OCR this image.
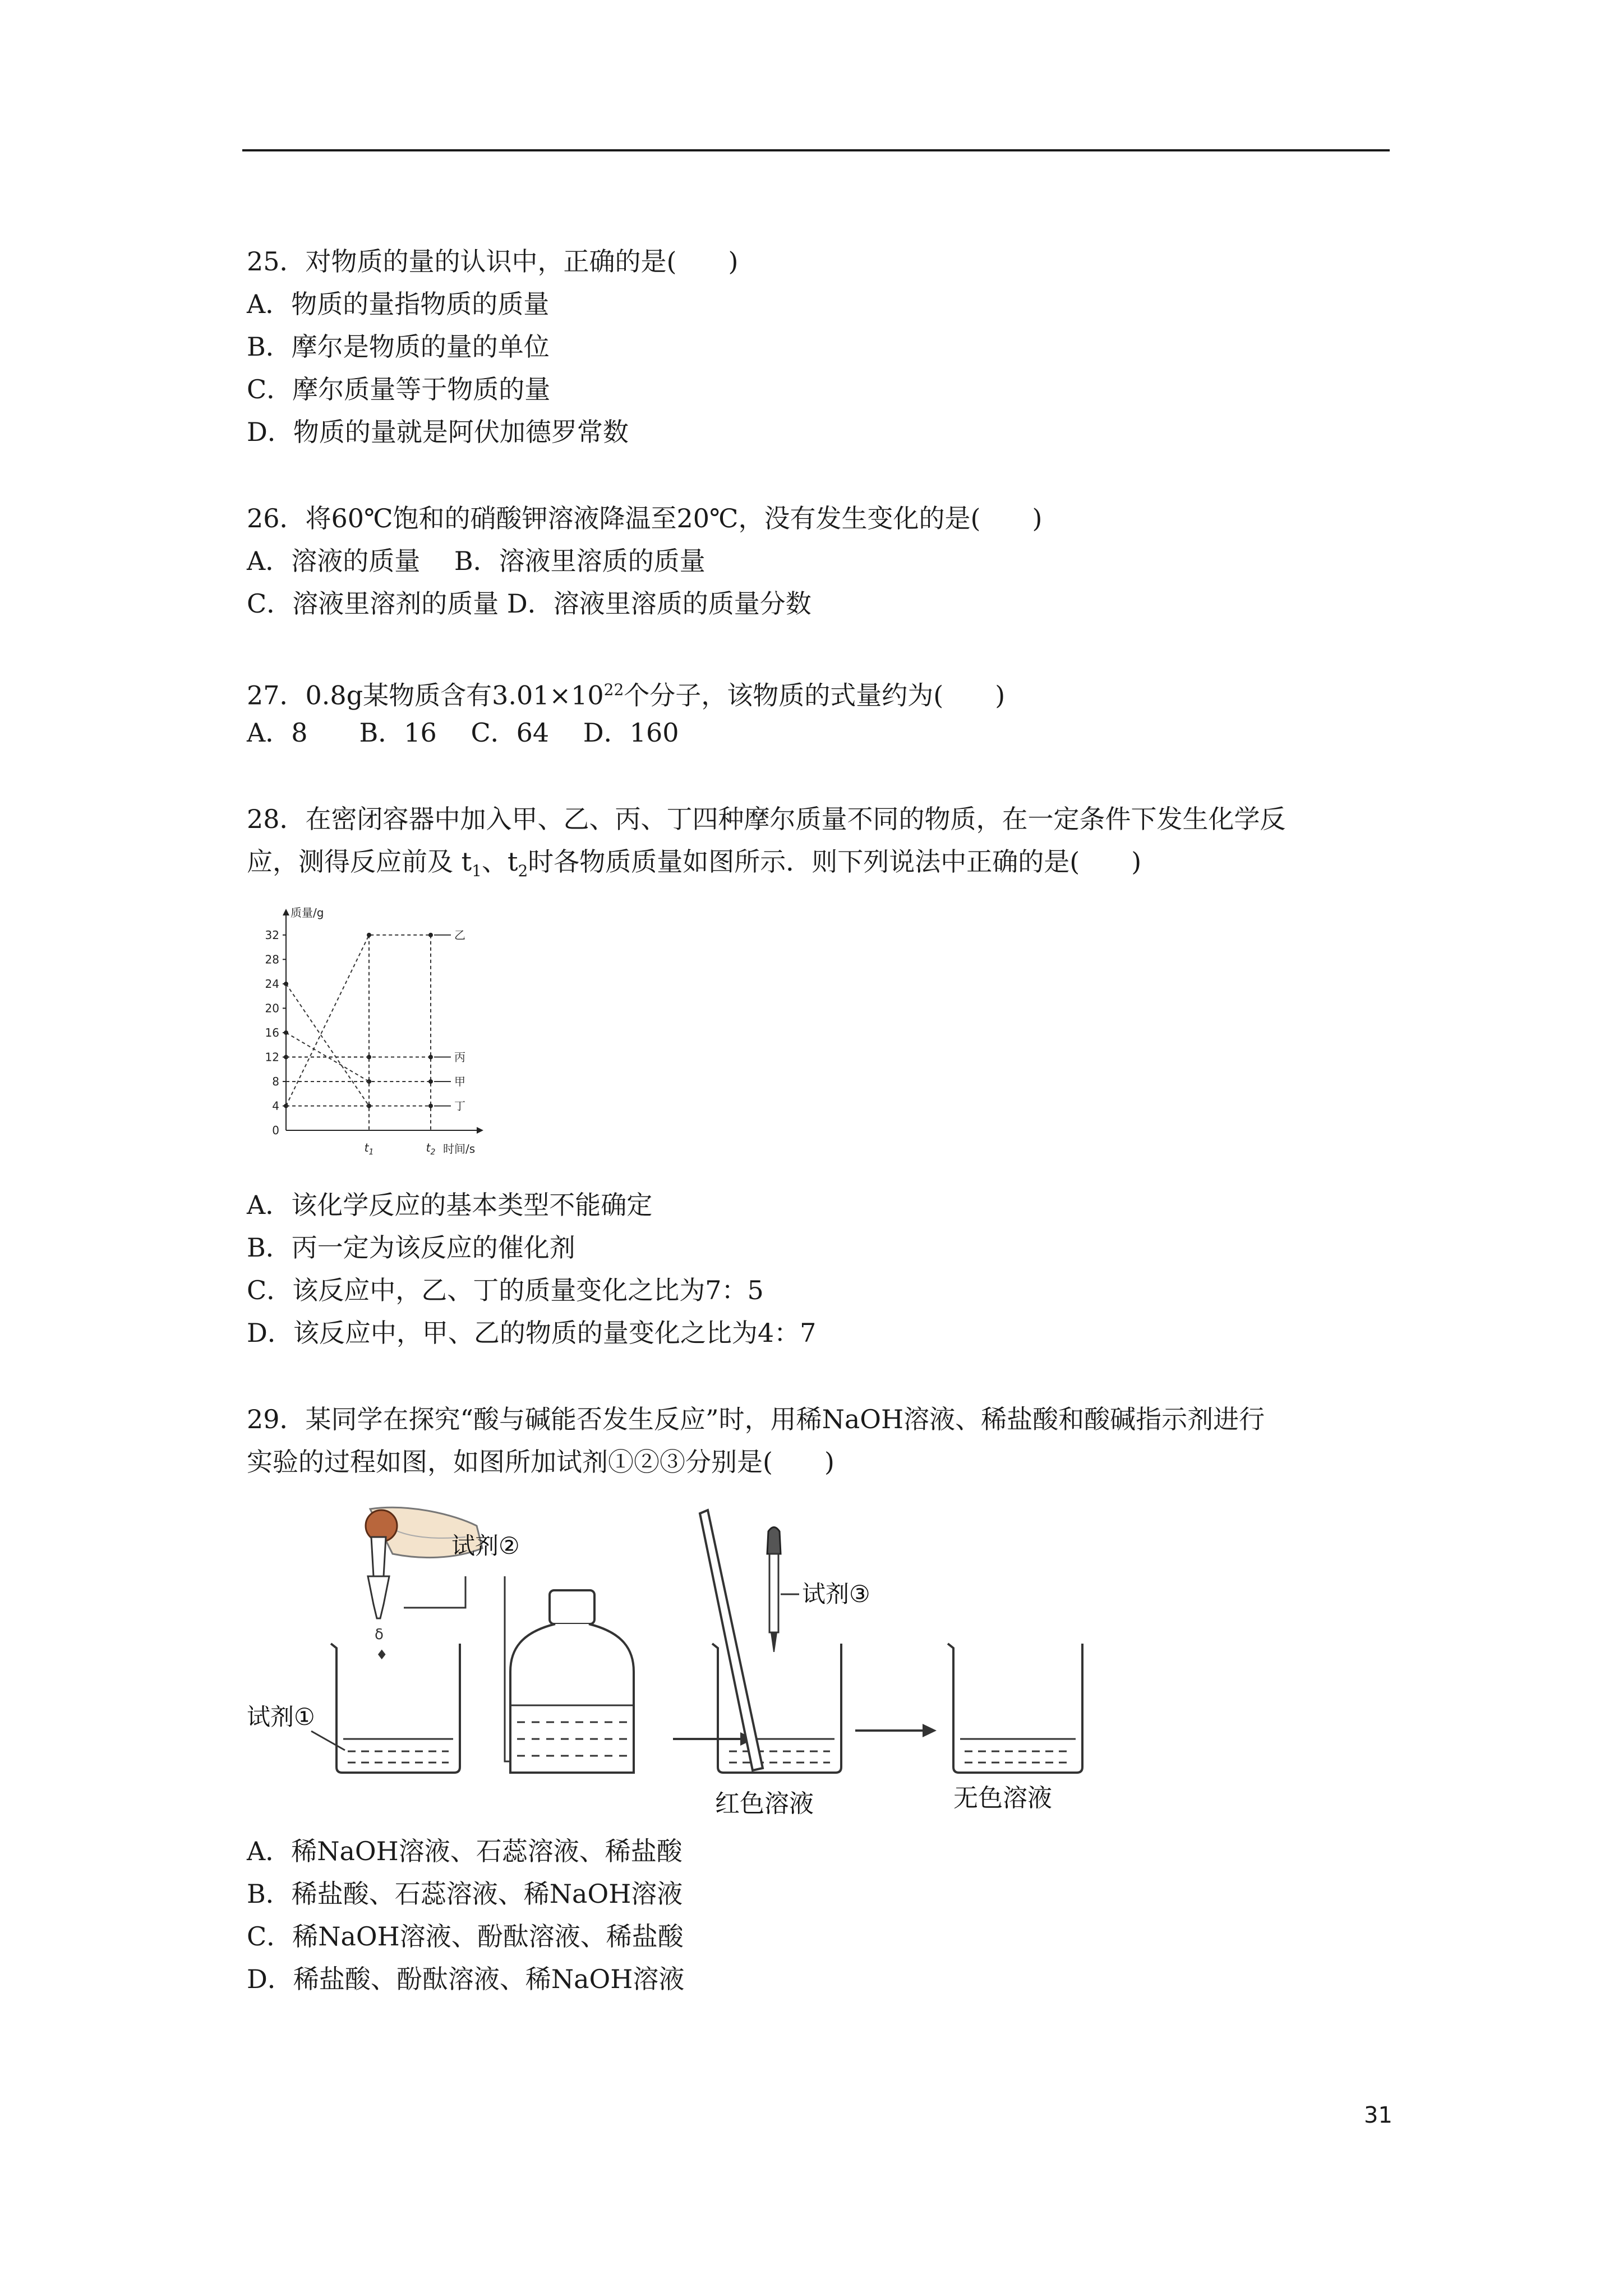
25．对物质的量的认识中，正确的是(　　)
A．物质的量指物质的质量
B．摩尔是物质的量的单位
C．摩尔质量等于物质的量
D．物质的量就是阿伏加德罗常数
26．将60℃饱和的硝酸钾溶液降温至20℃，没有发生变化的是(　　)
A．溶液的质量　 B．溶液里溶质的质量
C．溶液里溶剂的质量 D．溶液里溶质的质量分数
27．0.8g某物质含有$3.01\times 10^{22}$个分子，该物质的式量约为(　　)
A．8　　B．16　 C．64　 D．160
28．在密闭容器中加入甲、乙、丙、丁四种摩尔质量不同的物质，在一定条件下发生化学反
应，测得反应前及 $t_1$、$t_2$时各物质质量如图所示．则下列说法中正确的是(　　)
质量/g
时间/s
0
4
8
12
16
20
24
28
32
$t_1$	$t_2$
乙
丙
甲
丁
A．该化学反应的基本类型不能确定
B．丙一定为该反应的催化剂
C．该反应中，乙、丁的质量变化之比为7：5
D．该反应中，甲、乙的物质的量变化之比为4：7
29．某同学在探究“酸与碱能否发生反应”时，用稀NaOH溶液、稀盐酸和酸碱指示剂进行
实验的过程如图，如图所加试剂①②③分别是(　　)
δ
♦
试剂①
试剂②
试剂③
红色溶液	无色溶液
A．稀NaOH溶液、石蕊溶液、稀盐酸
B．稀盐酸、石蕊溶液、稀NaOH溶液
C．稀NaOH溶液、酚酞溶液、稀盐酸
D．稀盐酸、酚酞溶液、稀NaOH溶液
31
